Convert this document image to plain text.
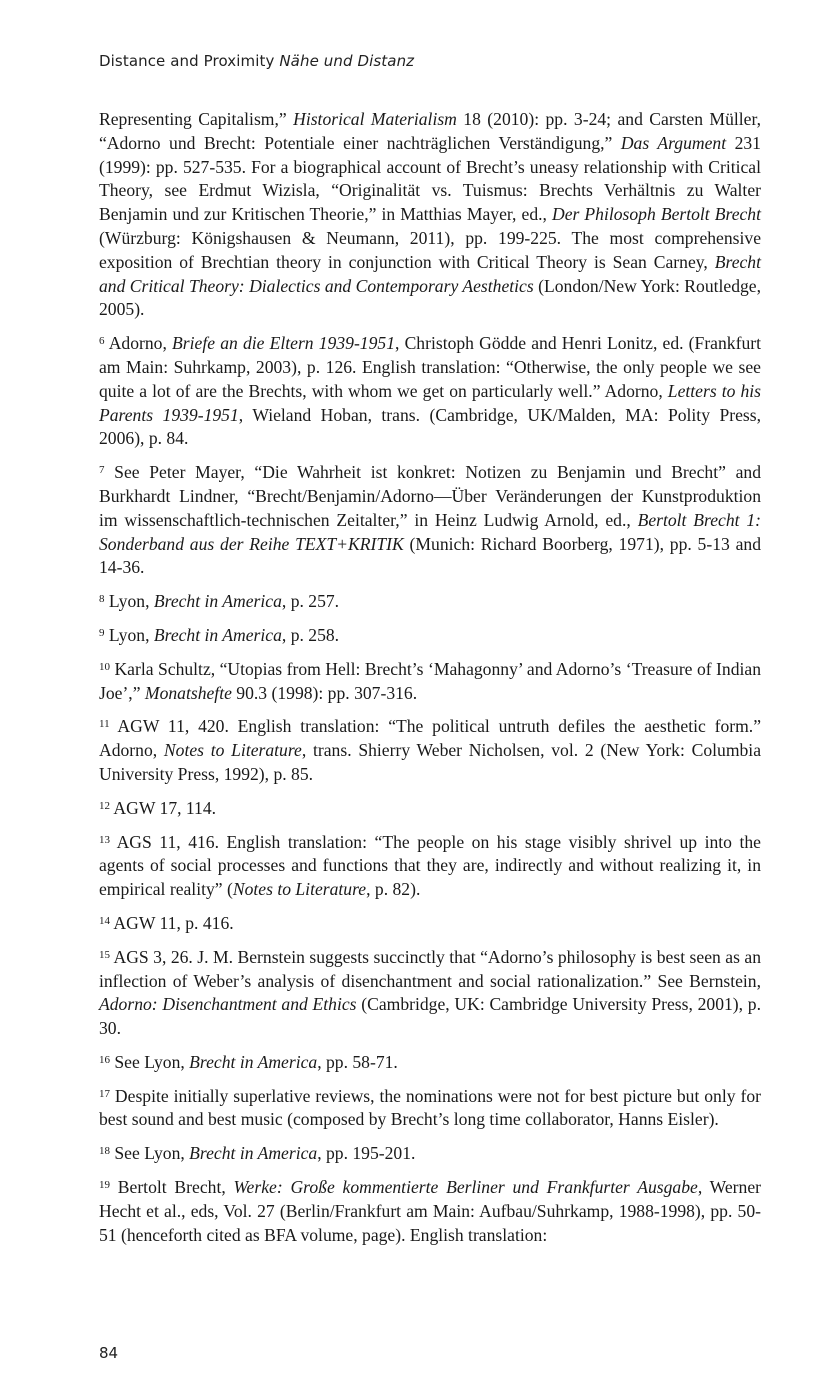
Distance and Proximity Nähe und Distanz

Representing Capitalism,” Historical Materialism 18 (2010): pp. 3-24; and Carsten Müller, “Adorno und Brecht: Potentiale einer nachträglichen Verständigung,” Das Argument 231 (1999): pp. 527-535. For a biographical account of Brecht’s uneasy relationship with Critical Theory, see Erdmut Wizisla, “Originalität vs. Tuismus: Brechts Verhältnis zu Walter Benjamin und zur Kritischen Theorie,” in Matthias Mayer, ed., Der Philosoph Bertolt Brecht (Würzburg: Königshausen & Neumann, 2011), pp. 199-225. The most comprehensive exposition of Brechtian theory in conjunction with Critical Theory is Sean Carney, Brecht and Critical Theory: Dialectics and Contemporary Aesthetics (London/New York: Routledge, 2005).

$^6$ Adorno, Briefe an die Eltern 1939-1951, Christoph Gödde and Henri Lonitz, ed. (Frankfurt am Main: Suhrkamp, 2003), p. 126. English translation: “Otherwise, the only people we see quite a lot of are the Brechts, with whom we get on particularly well.” Adorno, Letters to his Parents 1939-1951, Wieland Hoban, trans. (Cambridge, UK/Malden, MA: Polity Press, 2006), p. 84.

$^7$ See Peter Mayer, “Die Wahrheit ist konkret: Notizen zu Benjamin und Brecht” and Burkhardt Lindner, “Brecht/Benjamin/Adorno—Über Veränderungen der Kunstproduktion im wissenschaftlich-technischen Zeitalter,” in Heinz Ludwig Arnold, ed., Bertolt Brecht 1: Sonderband aus der Reihe TEXT+KRITIK (Munich: Richard Boorberg, 1971), pp. 5-13 and 14-36.

$^8$ Lyon, Brecht in America, p. 257.

$^9$ Lyon, Brecht in America, p. 258.

$^{10}$ Karla Schultz, “Utopias from Hell: Brecht’s ‘Mahagonny’ and Adorno’s ‘Treasure of Indian Joe’,” Monatshefte 90.3 (1998): pp. 307-316.

$^{11}$ AGW 11, 420. English translation: “The political untruth defiles the aesthetic form.” Adorno, Notes to Literature, trans. Shierry Weber Nicholsen, vol. 2 (New York: Columbia University Press, 1992), p. 85.

$^{12}$ AGW 17, 114.

$^{13}$ AGS 11, 416. English translation: “The people on his stage visibly shrivel up into the agents of social processes and functions that they are, indirectly and without realizing it, in empirical reality” (Notes to Literature, p. 82).

$^{14}$ AGW 11, p. 416.

$^{15}$ AGS 3, 26. J. M. Bernstein suggests succinctly that “Adorno’s philosophy is best seen as an inflection of Weber’s analysis of disenchantment and social rationalization.” See Bernstein, Adorno: Disenchantment and Ethics (Cambridge, UK: Cambridge University Press, 2001), p. 30.

$^{16}$ See Lyon, Brecht in America, pp. 58-71.

$^{17}$ Despite initially superlative reviews, the nominations were not for best picture but only for best sound and best music (composed by Brecht’s long time collaborator, Hanns Eisler).

$^{18}$ See Lyon, Brecht in America, pp. 195-201.

$^{19}$ Bertolt Brecht, Werke: Große kommentierte Berliner und Frankfurter Ausgabe, Werner Hecht et al., eds, Vol. 27 (Berlin/Frankfurt am Main: Aufbau/Suhrkamp, 1988-1998), pp. 50-51 (henceforth cited as BFA volume, page). English translation:

84
